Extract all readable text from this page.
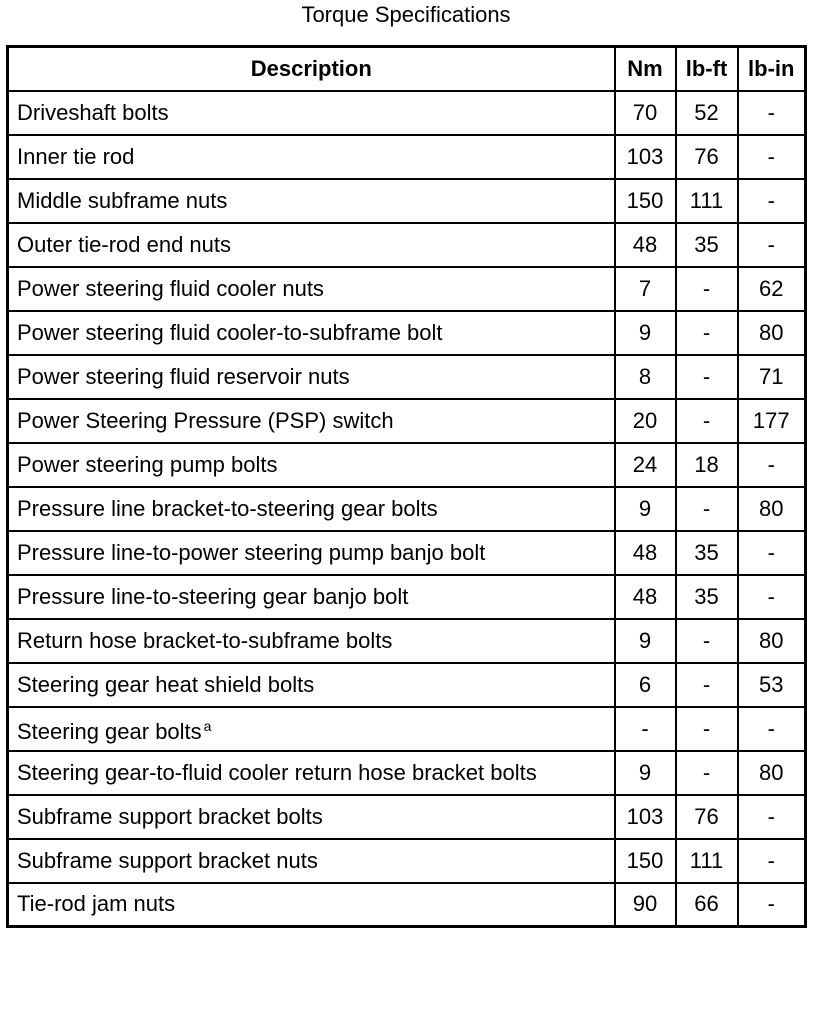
Torque Specifications
Description	Nm	lb-ft	lb-in
Driveshaft bolts	70	52	-
Inner tie rod	103	76	-
Middle subframe nuts	150	111	-
Outer tie-rod end nuts	48	35	-
Power steering fluid cooler nuts	7	-	62
Power steering fluid cooler-to-subframe bolt	9	-	80
Power steering fluid reservoir nuts	8	-	71
Power Steering Pressure (PSP) switch	20	-	177
Power steering pump bolts	24	18	-
Pressure line bracket-to-steering gear bolts	9	-	80
Pressure line-to-power steering pump banjo bolt	48	35	-
Pressure line-to-steering gear banjo bolt	48	35	-
Return hose bracket-to-subframe bolts	9	-	80
Steering gear heat shield bolts	6	-	53
Steering gear bolts $^a$	-	-	-
Steering gear-to-fluid cooler return hose bracket bolts	9	-	80
Subframe support bracket bolts	103	76	-
Subframe support bracket nuts	150	111	-
Tie-rod jam nuts	90	66	-
